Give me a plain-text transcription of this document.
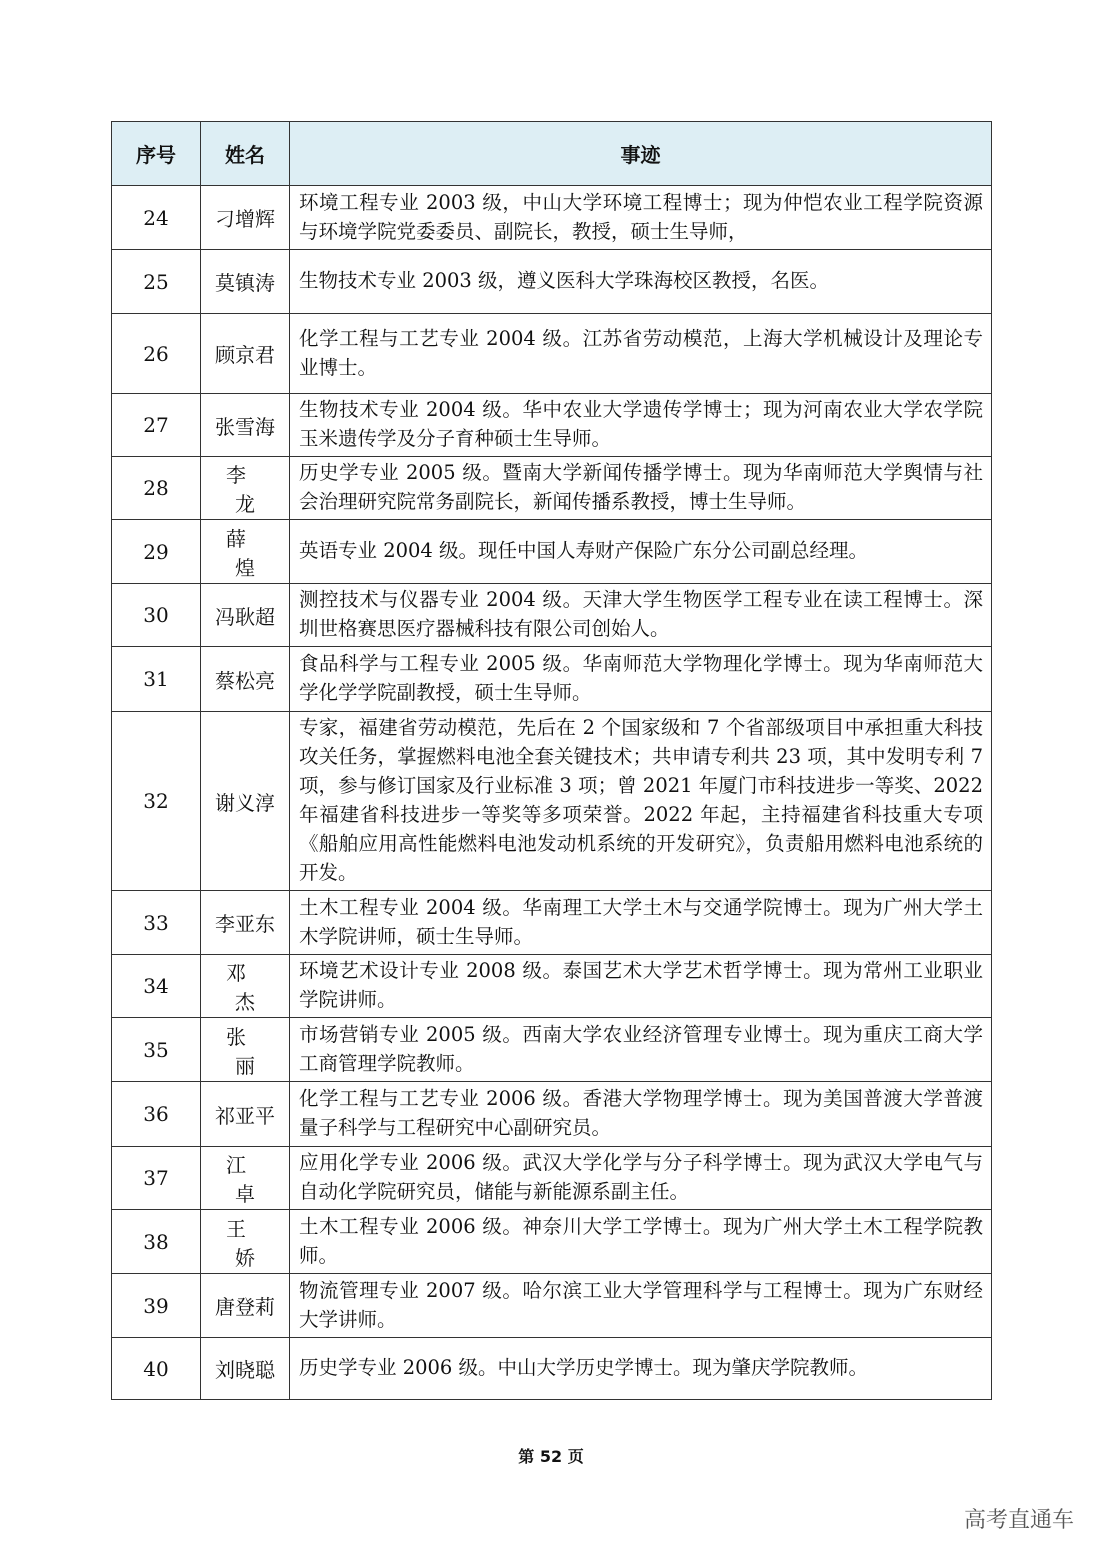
序号	姓名	事迹
24	刁增辉	环境工程专业 2003 级，中山大学环境工程博士；现为仲恺农业工程学院资源与环境学院党委委员、副院长，教授，硕士生导师，
25	莫镇涛	生物技术专业 2003 级，遵义医科大学珠海校区教授，名医。
26	顾京君	化学工程与工艺专业 2004 级。江苏省劳动模范，上海大学机械设计及理论专业博士。
27	张雪海	生物技术专业 2004 级。华中农业大学遗传学博士；现为河南农业大学农学院玉米遗传学及分子育种硕士生导师。
28	李 龙	历史学专业 2005 级。暨南大学新闻传播学博士。现为华南师范大学舆情与社会治理研究院常务副院长，新闻传播系教授，博士生导师。
29	薛 煌	英语专业 2004 级。现任中国人寿财产保险广东分公司副总经理。
30	冯耿超	测控技术与仪器专业 2004 级。天津大学生物医学工程专业在读工程博士。深圳世格赛思医疗器械科技有限公司创始人。
31	蔡松亮	食品科学与工程专业 2005 级。华南师范大学物理化学博士。现为华南师范大学化学学院副教授，硕士生导师。
32	谢义淳	专家，福建省劳动模范，先后在 2 个国家级和 7 个省部级项目中承担重大科技攻关任务，掌握燃料电池全套关键技术；共申请专利共 23 项，其中发明专利 7 项，参与修订国家及行业标准 3 项；曾 2021 年厦门市科技进步一等奖、2022 年福建省科技进步一等奖等多项荣誉。2022 年起，主持福建省科技重大专项《船舶应用高性能燃料电池发动机系统的开发研究》，负责船用燃料电池系统的开发。
33	李亚东	土木工程专业 2004 级。华南理工大学土木与交通学院博士。现为广州大学土木学院讲师，硕士生导师。
34	邓 杰	环境艺术设计专业 2008 级。泰国艺术大学艺术哲学博士。现为常州工业职业学院讲师。
35	张 丽	市场营销专业 2005 级。西南大学农业经济管理专业博士。现为重庆工商大学工商管理学院教师。
36	祁亚平	化学工程与工艺专业 2006 级。香港大学物理学博士。现为美国普渡大学普渡量子科学与工程研究中心副研究员。
37	江 卓	应用化学专业 2006 级。武汉大学化学与分子科学博士。现为武汉大学电气与自动化学院研究员，储能与新能源系副主任。
38	王 娇	土木工程专业 2006 级。神奈川大学工学博士。现为广州大学土木工程学院教师。
39	唐登莉	物流管理专业 2007 级。哈尔滨工业大学管理科学与工程博士。现为广东财经大学讲师。
40	刘晓聪	历史学专业 2006 级。中山大学历史学博士。现为肇庆学院教师。
第 52 页
高考直通车
